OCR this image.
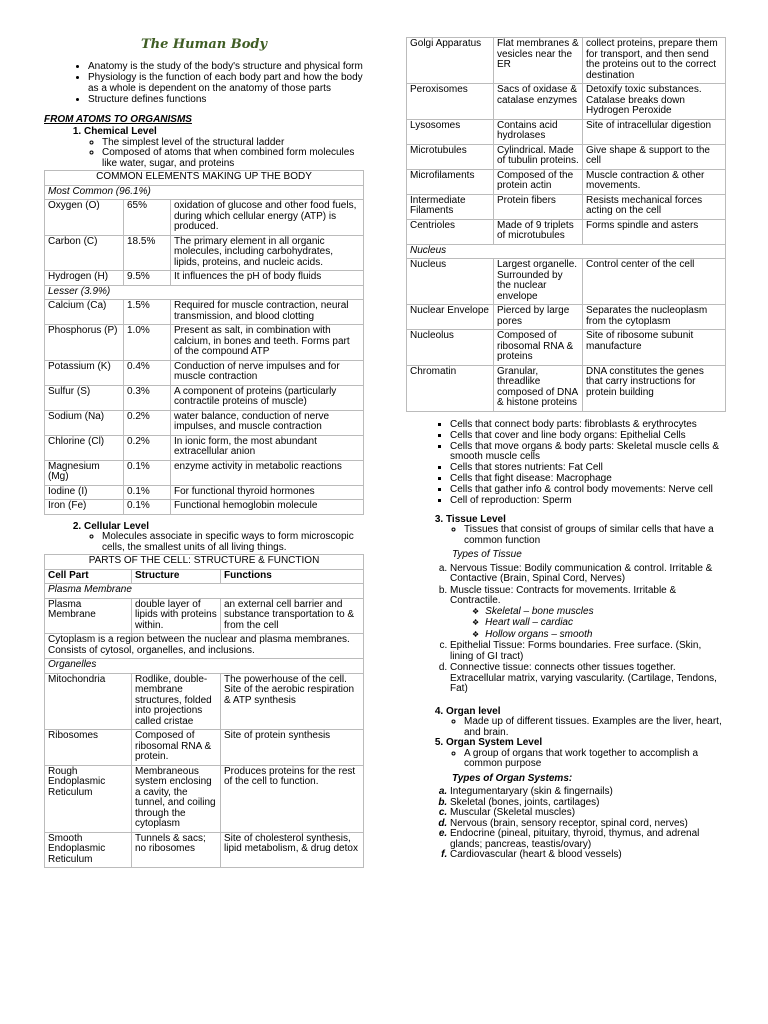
The Human Body
• Anatomy is the study of the body's structure and physical form
• Physiology is the function of each body part and how the body as a whole is dependent on the anatomy of those parts
• Structure defines functions
FROM ATOMS TO ORGANISMS
1. Chemical Level
◦ The simplest level of the structural ladder
◦ Composed of atoms that when combined form molecules like water, sugar, and proteins
COMMON ELEMENTS MAKING UP THE BODY		
Most Common (96.1%)		
Oxygen (O)	65%	oxidation of glucose and other food fuels, during which cellular energy (ATP) is produced.
Carbon (C)	18.5%	The primary element in all organic molecules, including carbohydrates, lipids, proteins, and nucleic acids.
Hydrogen (H)	9.5%	It influences the pH of body fluids
Lesser (3.9%)		
Calcium (Ca)	1.5%	Required for muscle contraction, neural transmission, and blood clotting
Phosphorus (P)	1.0%	Present as salt, in combination with calcium, in bones and teeth. Forms part of the compound ATP
Potassium (K)	0.4%	Conduction of nerve impulses and for muscle contraction
Sulfur (S)	0.3%	A component of proteins (particularly contractile proteins of muscle)
Sodium (Na)	0.2%	water balance, conduction of nerve impulses, and muscle contraction
Chlorine (Cl)	0.2%	In ionic form, the most abundant extracellular anion
Magnesium (Mg)	0.1%	enzyme activity in metabolic reactions
Iodine (I)	0.1%	For functional thyroid hormones
Iron (Fe)	0.1%	Functional hemoglobin molecule
2. Cellular Level
◦ Molecules associate in specific ways to form microscopic cells, the smallest units of all living things.
PARTS OF THE CELL: STRUCTURE & FUNCTION		
Cell Part	Structure	Functions
Plasma Membrane		
Plasma Membrane	double layer of lipids with proteins within.	an external cell barrier and substance transportation to & from the cell
Cytoplasm is a region between the nuclear and plasma membranes. Consists of cytosol, organelles, and inclusions.		
Organelles		
Mitochondria	Rodlike, double-membrane structures, folded into projections called cristae	The powerhouse of the cell. Site of the aerobic respiration & ATP synthesis
Ribosomes	Composed of ribosomal RNA & protein.	Site of protein synthesis
Rough Endoplasmic Reticulum	Membraneous system enclosing a cavity, the tunnel, and coiling through the cytoplasm	Produces proteins for the rest of the cell to function.
Smooth Endoplasmic Reticulum	Tunnels & sacs; no ribosomes	Site of cholesterol synthesis, lipid metabolism, & drug detox
Golgi Apparatus	Flat membranes & vesicles near the ER	collect proteins, prepare them for transport, and then send the proteins out to the correct destination
Peroxisomes	Sacs of oxidase & catalase enzymes	Detoxify toxic substances. Catalase breaks down Hydrogen Peroxide
Lysosomes	Contains acid hydrolases	Site of intracellular digestion
Microtubules	Cylindrical. Made of tubulin proteins.	Give shape & support to the cell
Microfilaments	Composed of the protein actin	Muscle contraction & other movements.
Intermediate Filaments	Protein fibers	Resists mechanical forces acting on the cell
Centrioles	Made of 9 triplets of microtubules	Forms spindle and asters
Nucleus		
Nucleus	Largest organelle. Surrounded by the nuclear envelope	Control center of the cell
Nuclear Envelope	Pierced by large pores	Separates the nucleoplasm from the cytoplasm
Nucleolus	Composed of ribosomal RNA & proteins	Site of ribosome subunit manufacture
Chromatin	Granular, threadlike composed of DNA & histone proteins	DNA constitutes the genes that carry instructions for protein building
▪ Cells that connect body parts: fibroblasts & erythrocytes
▪ Cells that cover and line body organs: Epithelial Cells
▪ Cells that move organs & body parts: Skeletal muscle cells & smooth muscle cells
▪ Cells that stores nutrients: Fat Cell
▪ Cells that fight disease: Macrophage
▪ Cells that gather info & control body movements: Nerve cell
▪ Cell of reproduction: Sperm
3. Tissue Level
◦ Tissues that consist of groups of similar cells that have a common function
Types of Tissue
a. Nervous Tissue: Bodily communication & control. Irritable & Contactive (Brain, Spinal Cord, Nerves)
b. Muscle tissue: Contracts for movements. Irritable & Contractile.
❖ Skeletal – bone muscles
❖ Heart wall – cardiac
❖ Hollow organs – smooth
c. Epithelial Tissue: Forms boundaries. Free surface. (Skin, lining of GI tract)
d. Connective tissue: connects other tissues together. Extracellular matrix, varying vascularity. (Cartilage, Tendons, Fat)
4. Organ level
◦ Made up of different tissues. Examples are the liver, heart, and brain.
5. Organ System Level
◦ A group of organs that work together to accomplish a common purpose
Types of Organ Systems:
a. Integumentaryary (skin & fingernails)
b. Skeletal (bones, joints, cartilages)
c. Muscular (Skeletal muscles)
d. Nervous (brain, sensory receptor, spinal cord, nerves)
e. Endocrine (pineal, pituitary, thyroid, thymus, and adrenal glands; pancreas, teastis/ovary)
f. Cardiovascular (heart & blood vessels)
